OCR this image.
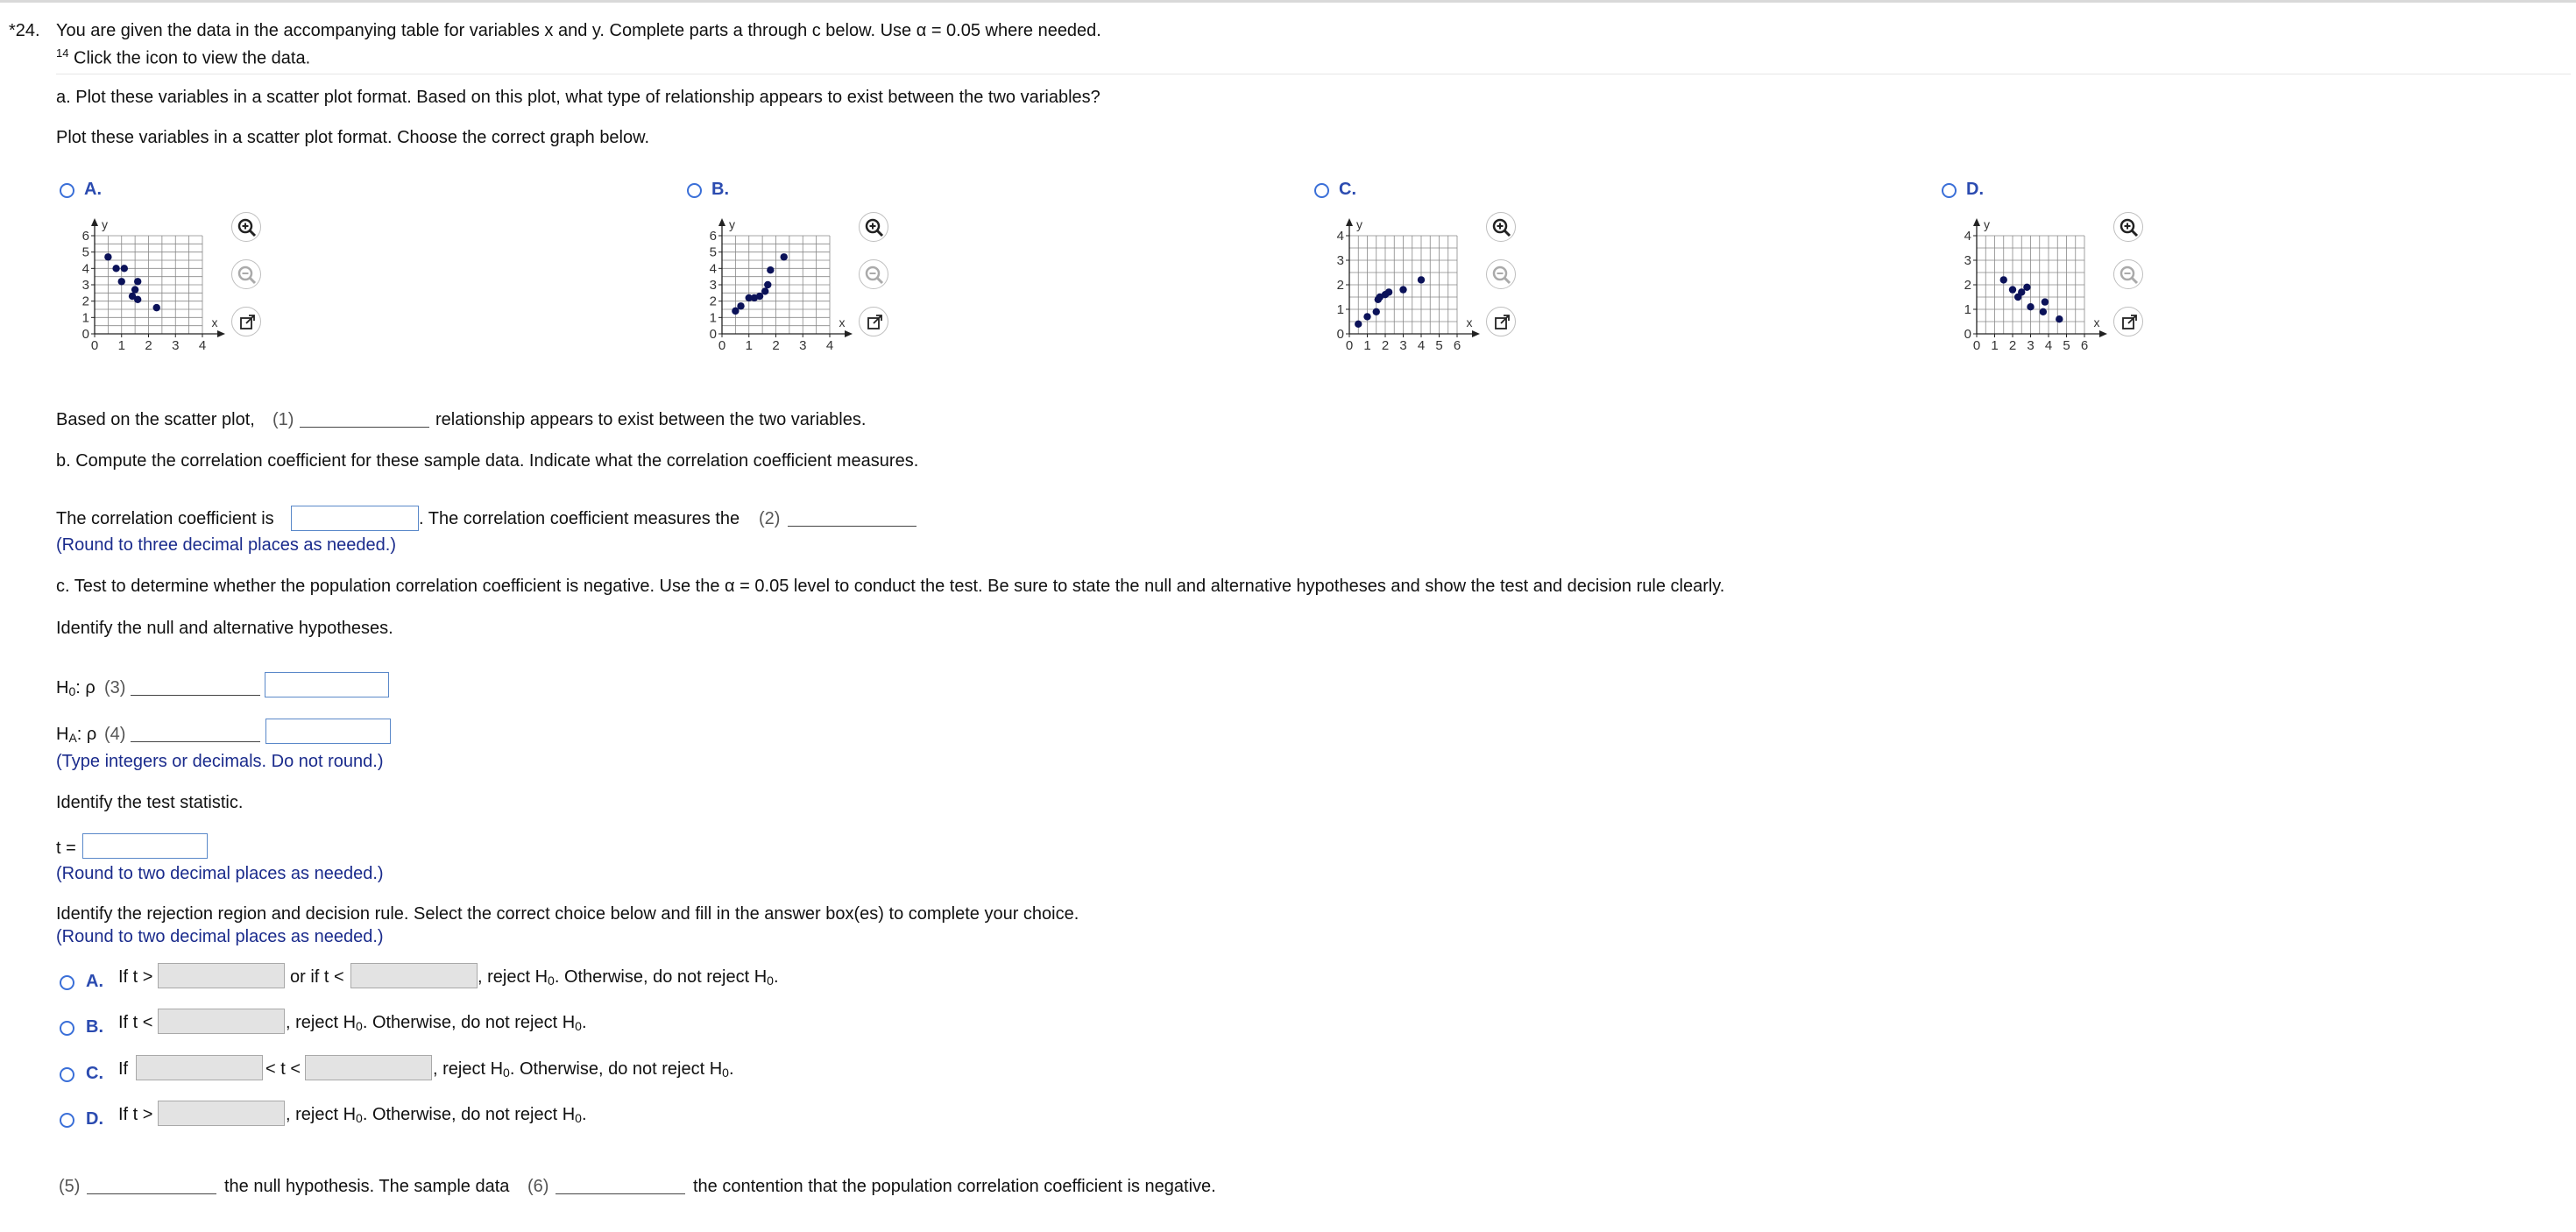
*24. You are given the data in the accompanying table for variables x and y. Complete parts a through c below. Use α = 0.05 where needed.
$^{14}$ Click the icon to view the data.
a. Plot these variables in a scatter plot format. Based on this plot, what type of relationship appears to exist between the two variables?
Plot these variables in a scatter plot format. Choose the correct graph below.
A.
6
5
4
3
2
1
0
0 1 2 3 4
x
y
B.
6
5
4
3
2
1
0
0 1 2 3 4
x
y
C.
4
3
2
1
0
0 1 2 3 4 5 6
x
y
D.
4
3
2
1
0
0 1 2 3 4 5 6
x
y
Based on the scatter plot, (1)	relationship appears to exist between the two variables.
b. Compute the correlation coefficient for these sample data. Indicate what the correlation coefficient measures.
The correlation coefficient is	. The correlation coefficient measures the (2)
(Round to three decimal places as needed.)
c. Test to determine whether the population correlation coefficient is negative. Use the α = 0.05 level to conduct the test. Be sure to state the null and alternative hypotheses and show the test and decision rule clearly.
Identify the null and alternative hypotheses.
$H_0$: ρ (3)
$H_A$: ρ (4)
(Type integers or decimals. Do not round.)
Identify the test statistic.
t =
(Round to two decimal places as needed.)
Identify the rejection region and decision rule. Select the correct choice below and fill in the answer box(es) to complete your choice.
(Round to two decimal places as needed.)
A. If t >	or if t <	, reject $H_0$. Otherwise, do not reject $H_0$.
B. If t <	, reject $H_0$. Otherwise, do not reject $H_0$.
C. If	< t <	, reject $H_0$. Otherwise, do not reject $H_0$.
D. If t >	, reject $H_0$. Otherwise, do not reject $H_0$.
(5)	the null hypothesis. The sample data (6)	the contention that the population correlation coefficient is negative.
